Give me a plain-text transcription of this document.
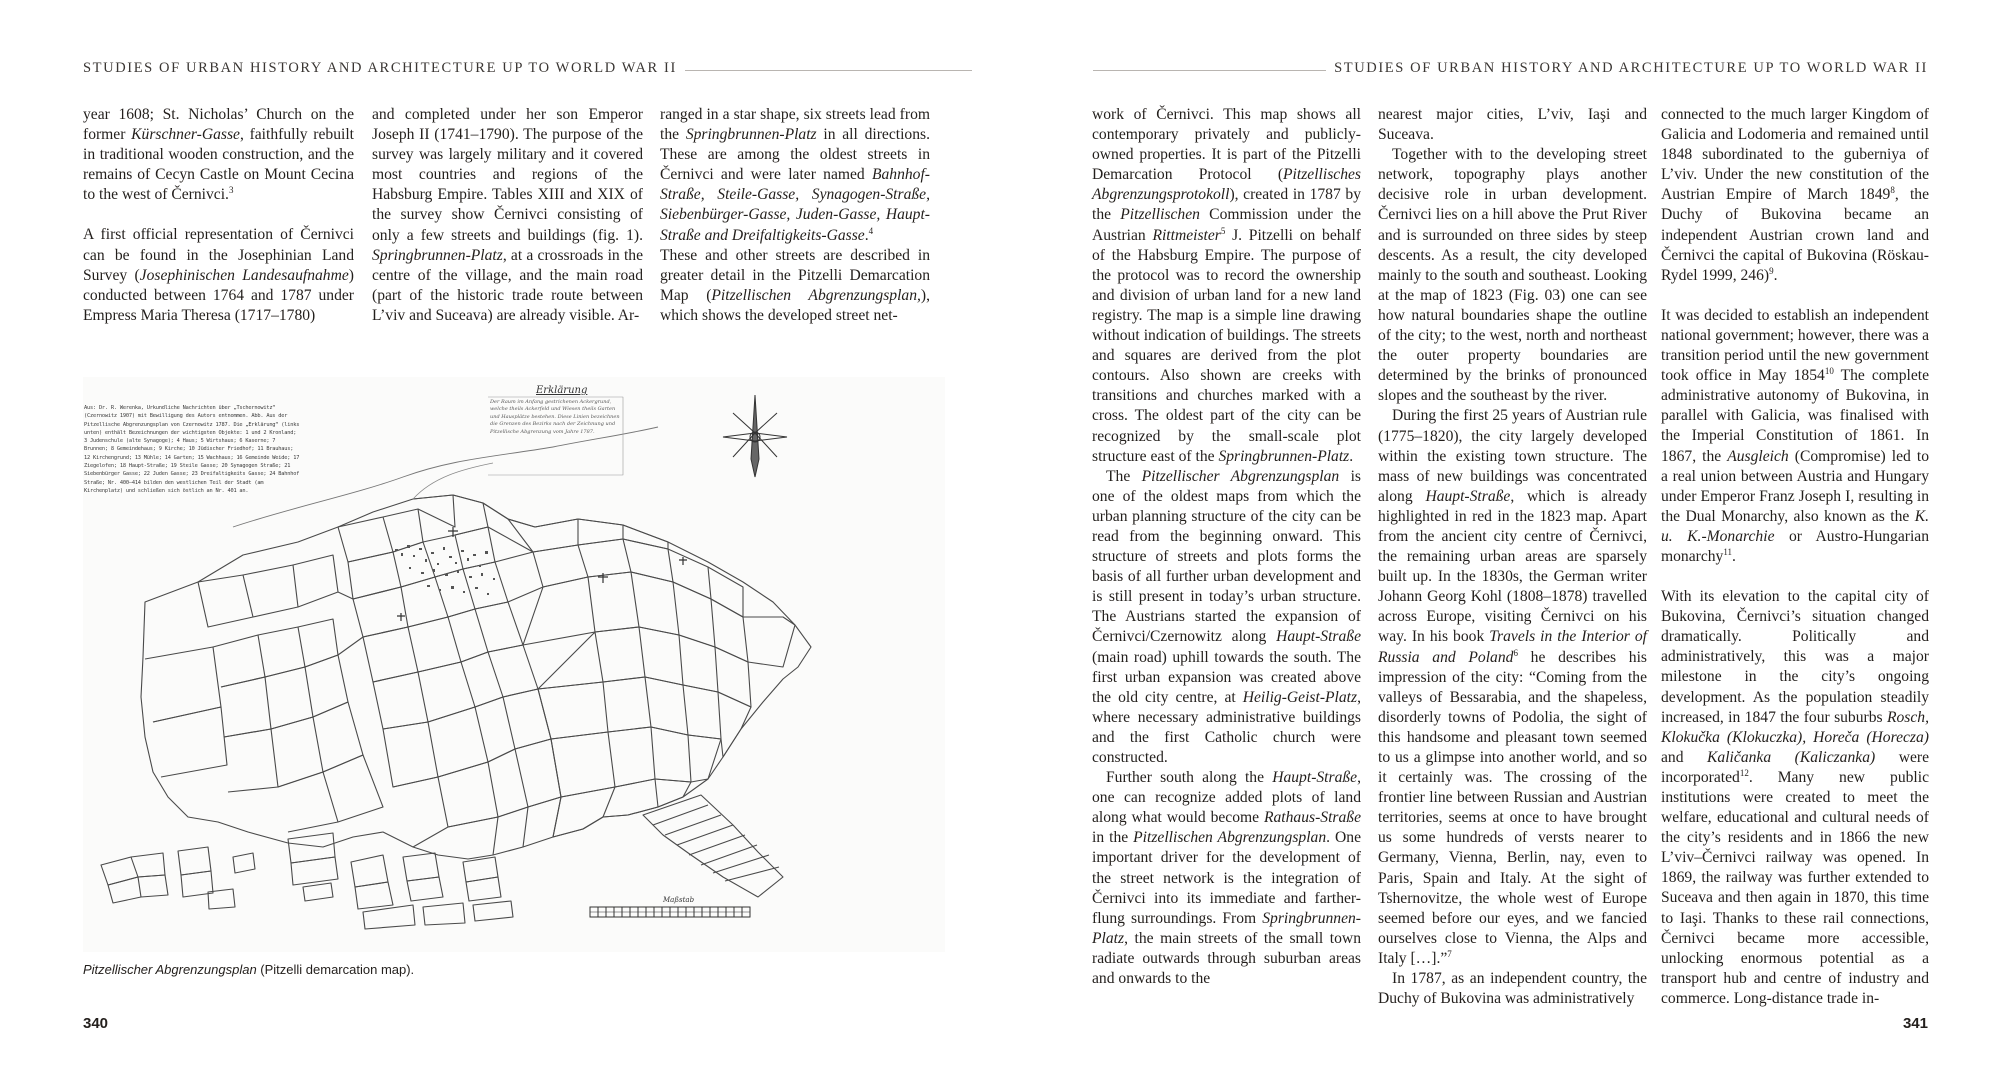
STUDIES OF URBAN HISTORY AND ARCHITECTURE UP TO WORLD WAR II	STUDIES OF URBAN HISTORY AND ARCHITECTURE UP TO WORLD WAR II

year 1608; St. Nicholas’ Church on the former Kürschner-Gasse, faithfully rebuilt in traditional wooden construction, and the remains of Cecyn Castle on Mount Cecina to the west of Černivci.$^3$

A first official representation of Černivci can be found in the Josephinian Land Survey (Josephinischen Landesaufnahme) conducted between 1764 and 1787 under Empress Maria Theresa (1717–1780)

and completed under her son Emperor Joseph II (1741–1790). The purpose of the survey was largely military and it covered most countries and regions of the Habsburg Empire. Tables XIII and XIX of the survey show Černivci consisting of only a few streets and buildings (fig. 1). Springbrunnen-Platz, at a crossroads in the centre of the village, and the main road (part of the historic trade route between L’viv and Suceava) are already visible. Ar-

ranged in a star shape, six streets lead from the Springbrunnen-Platz in all directions. These are among the oldest streets in Černivci and were later named Bahnhof-Straße, Steile-Gasse, Synagogen-Straße, Siebenbürger-Gasse, Juden-Gasse, Haupt-Straße and Dreifaltigkeits-Gasse.$^4$

These and other streets are described in greater detail in the Pitzelli Demarcation Map (Pitzellischen Abgrenzungsplan,), which shows the developed street net-

Maßstab
Erklärung
Der Raum im Anfang gestrichenen Ackergrund, welche theils Ackerfeld und Wiesen theils Garten und Hausplätze bestehen. Diese Linien bezeichnen die Grenzen des Bezirks nach der Zeichnung und Pitzellische Abgrenzung vom Jahre 1787.
Aus: Dr. R. Werenka, Urkundliche Nachrichten über „Tschernowitz“ (Czernowitz 1907) mit Bewilligung des Autors entnommen. Abb. Aus der Pitzellische Abgrenzungsplan von Czernowitz 1787. Die „Erklärung“ (links unten) enthält Bezeichnungen der wichtigsten Objekte: 1 und 2 Kronland; 3 Judenschule (alte Synagoge); 4 Haus; 5 Wirtshaus; 6 Kaserne; 7 Brunnen; 8 Gemeindehaus; 9 Kirche; 10 Jüdischer Friedhof; 11 Brauhaus; 12 Kirchengrund; 13 Mühle; 14 Garten; 15 Wachhaus; 16 Gemeinde Weide; 17 Ziegelofen; 18 Haupt-Straße; 19 Steile Gasse; 20 Synagogen Straße; 21 Siebenbürger Gasse; 22 Juden Gasse; 23 Dreifaltigkeits Gasse; 24 Bahnhof Straße; Nr. 400–414 bilden den westlichen Teil der Stadt (am Kirchenplatz) und schließen sich östlich an Nr. 401 an.
Pitzellischer Abgrenzungsplan (Pitzelli demarcation map).
340

work of Černivci. This map shows all contemporary privately and publicly-owned properties. It is part of the Pitzelli Demarcation Protocol (Pitzellisches Abgrenzungsprotokoll), created in 1787 by the Pitzellischen Commission under the Austrian Rittmeister$^5$ J. Pitzelli on behalf of the Habsburg Empire. The purpose of the protocol was to record the ownership and division of urban land for a new land registry. The map is a simple line drawing without indication of buildings. The streets and squares are derived from the plot contours. Also shown are creeks with transitions and churches marked with a cross. The oldest part of the city can be recognized by the small-scale plot structure east of the Springbrunnen-Platz.

The Pitzellischer Abgrenzungsplan is one of the oldest maps from which the urban planning structure of the city can be read from the beginning onward. This structure of streets and plots forms the basis of all further urban development and is still present in today’s urban structure. The Austrians started the expansion of Černivci/Czernowitz along Haupt-Straße (main road) uphill towards the south. The first urban expansion was created above the old city centre, at Heilig-Geist-Platz, where necessary administrative buildings and the first Catholic church were constructed.

Further south along the Haupt-Straße, one can recognize added plots of land along what would become Rathaus-Straße in the Pitzellischen Abgrenzungsplan. One important driver for the development of the street network is the integration of Černivci into its immediate and farther-flung surroundings. From Springbrunnen-Platz, the main streets of the small town radiate outwards through suburban areas and onwards to the

nearest major cities, L’viv, Iaşi and Suceava.

Together with to the developing street network, topography plays another decisive role in urban development. Černivci lies on a hill above the Prut River and is surrounded on three sides by steep descents. As a result, the city developed mainly to the south and southeast. Looking at the map of 1823 (Fig. 03) one can see how natural boundaries shape the outline of the city; to the west, north and northeast the outer property boundaries are determined by the brinks of pronounced slopes and the southeast by the river.

During the first 25 years of Austrian rule (1775–1820), the city largely developed within the existing town structure. The mass of new buildings was concentrated along Haupt-Straße, which is already highlighted in red in the 1823 map. Apart from the ancient city centre of Černivci, the remaining urban areas are sparsely built up. In the 1830s, the German writer Johann Georg Kohl (1808–1878) travelled across Europe, visiting Černivci on his way. In his book Travels in the Interior of Russia and Poland$^6$ he describes his impression of the city: “Coming from the valleys of Bessarabia, and the shapeless, disorderly towns of Podolia, the sight of this handsome and pleasant town seemed to us a glimpse into another world, and so it certainly was. The crossing of the frontier line between Russian and Austrian territories, seems at once to have brought us some hundreds of versts nearer to Germany, Vienna, Berlin, nay, even to Paris, Spain and Italy. At the sight of Tshernovitze, the whole west of Europe seemed before our eyes, and we fancied ourselves close to Vienna, the Alps and Italy […].”$^7$

In 1787, as an independent country, the Duchy of Bukovina was administratively

connected to the much larger Kingdom of Galicia and Lodomeria and remained until 1848 subordinated to the guberniya of L’viv. Under the new constitution of the Austrian Empire of March 1849$^8$, the Duchy of Bukovina became an independent Austrian crown land and Černivci the capital of Bukovina (Röskau-Rydel 1999, 246)$^9$.

It was decided to establish an independent national government; however, there was a transition period until the new government took office in May 1854$^{10}$ The complete administrative autonomy of Bukovina, in parallel with Galicia, was finalised with the Imperial Constitution of 1861. In 1867, the Ausgleich (Compromise) led to a real union between Austria and Hungary under Emperor Franz Joseph I, resulting in the Dual Monarchy, also known as the K. u. K.-Monarchie or Austro-Hungarian monarchy$^{11}$.

With its elevation to the capital city of Bukovina, Černivci’s situation changed dramatically. Politically and administratively, this was a major milestone in the city’s ongoing development. As the population steadily increased, in 1847 the four suburbs Rosch, Klokučka (Klokuczka), Horeča (Horecza) and Kaličanka (Kaliczanka) were incorporated$^{12}$. Many new public institutions were created to meet the welfare, educational and cultural needs of the city’s residents and in 1866 the new L’viv–Černivci railway was opened. In 1869, the railway was further extended to Suceava and then again in 1870, this time to Iaşi. Thanks to these rail connections, Černivci became more accessible, unlocking enormous potential as a transport hub and centre of industry and commerce. Long-distance trade in-

341
